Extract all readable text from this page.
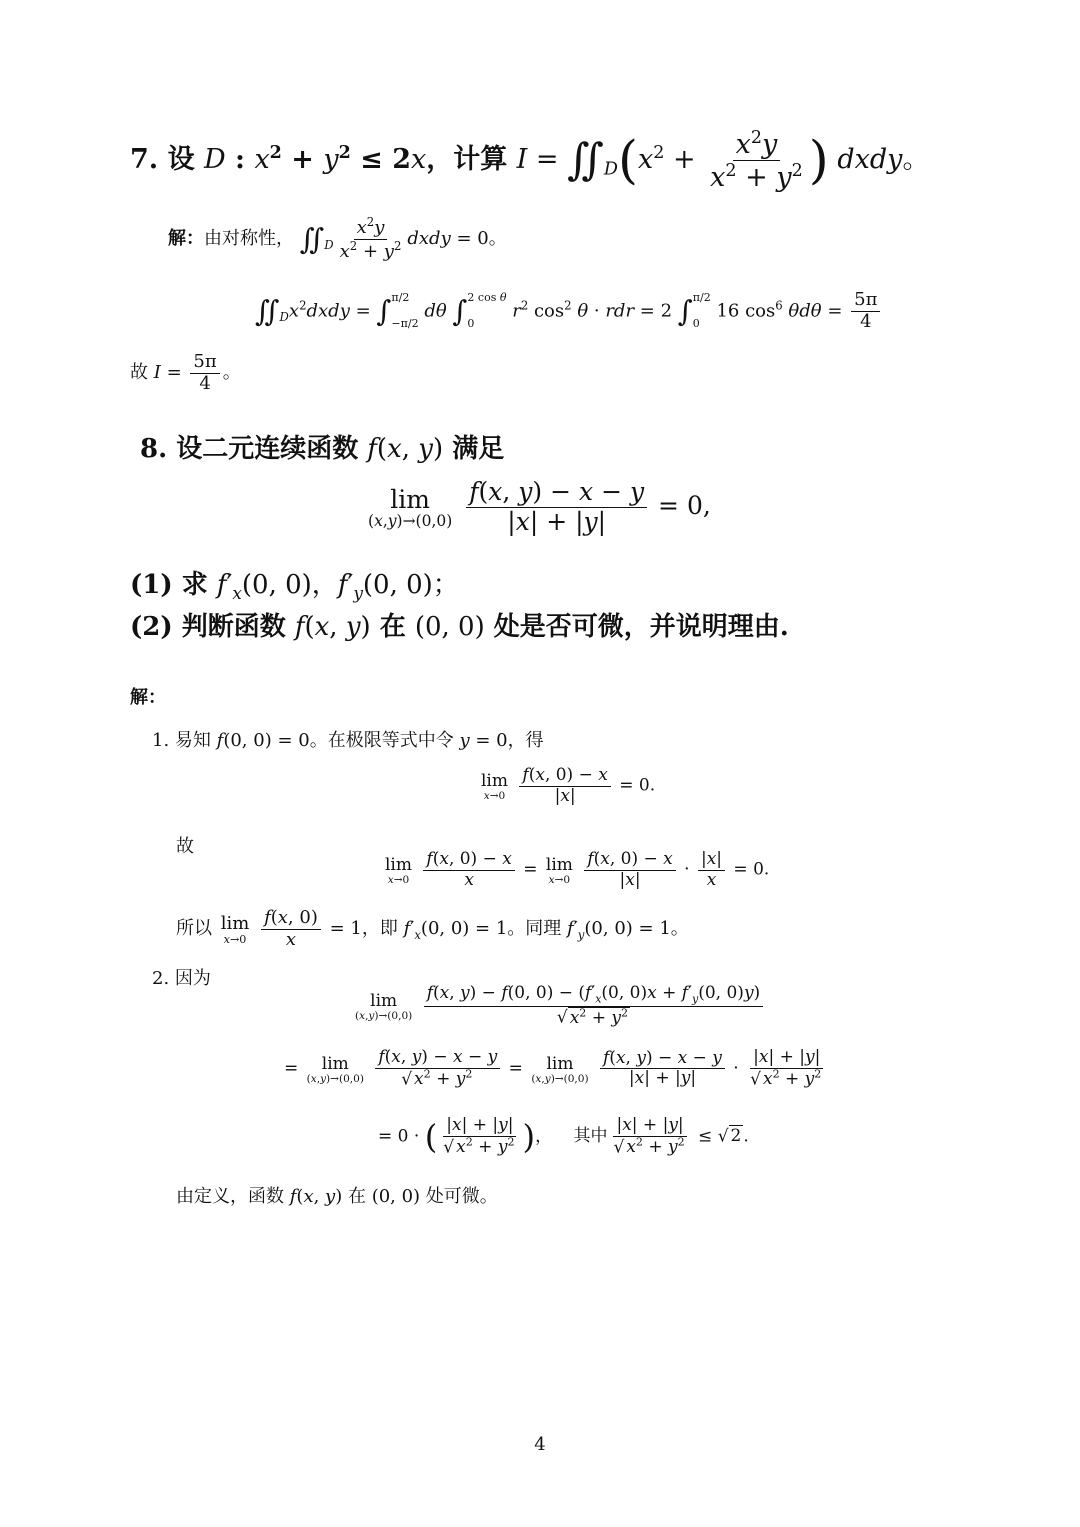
7. 设 D : $x^2 + y^2 \le 2x$，计算 $I = ∬_D(x^2 + \frac{x^2y}{x^2 + y^2}$ ) dxdy。
解：由对称性， $∬_D \frac{x^2y}{x^2 + y^2}$ dxdy = 0。
$∬_Dx^2dxdy$ = ∫ π/2
−π/2
dθ ∫ 2 cos θ
0
$r^2$ $\cos^2 \theta$ · rdr = 2 ∫ π/2
0
16 $\cos^6 \theta d\theta = \frac{5\pi}{4}$
故 $I = \frac{5\pi}{4}$ 。
8. 设二元连续函数 f(x, y) 满足
lim
(x,y)→(0,0)
$\frac{f(x, y) - x - y}{|x| + |y|} = 0$,
(1) 求 $f'_x(0$, 0)，$f'_y(0$, 0)；
(2) 判断函数 f(x, y) 在 (0, 0) 处是否可微，并说明理由.
解：
1. 易知 f(0, 0) = 0。在极限等式中令 y = 0，得
lim
x→0
$\frac{f(x, 0) - x}{|x|} = 0$.
故
lim
x→0
$\frac{f(x, 0) - x}{x} = \lim$
x→0
$\frac{f(x, 0) - x}{|x|} \cdot \frac{|x|}{x} = 0$.
所以 lim
x→0
$\frac{f(x, 0)}{x} = 1$，即 $f'_x(0$, 0) = 1。同理 $f'_y(0$, 0) = 1。
2. 因为
lim
(x,y)→(0,0)
$\frac{f(x, y) - f(0, 0) - (f'_x(0, 0)x + f'_y(0, 0)y)}{√ x^2 + y^2}$
= lim
(x,y)→(0,0)
$\frac{f(x, y) - x - y}{√ x^2 + y^2} = \lim$
(x,y)→(0,0)
$\frac{f(x, y) - x - y}{|x| + |y|} \cdot \frac{|x| + |y|}{√ x^2 + y^2}$
= 0 · ( $\frac{|x| + |y|}{√ x^2 + y^2}$ )， 其中 $\frac{|x| + |y|}{√ x^2 + y^2}$ ≤ √ 2 .
由定义，函数 f(x, y) 在 (0, 0) 处可微。
4
